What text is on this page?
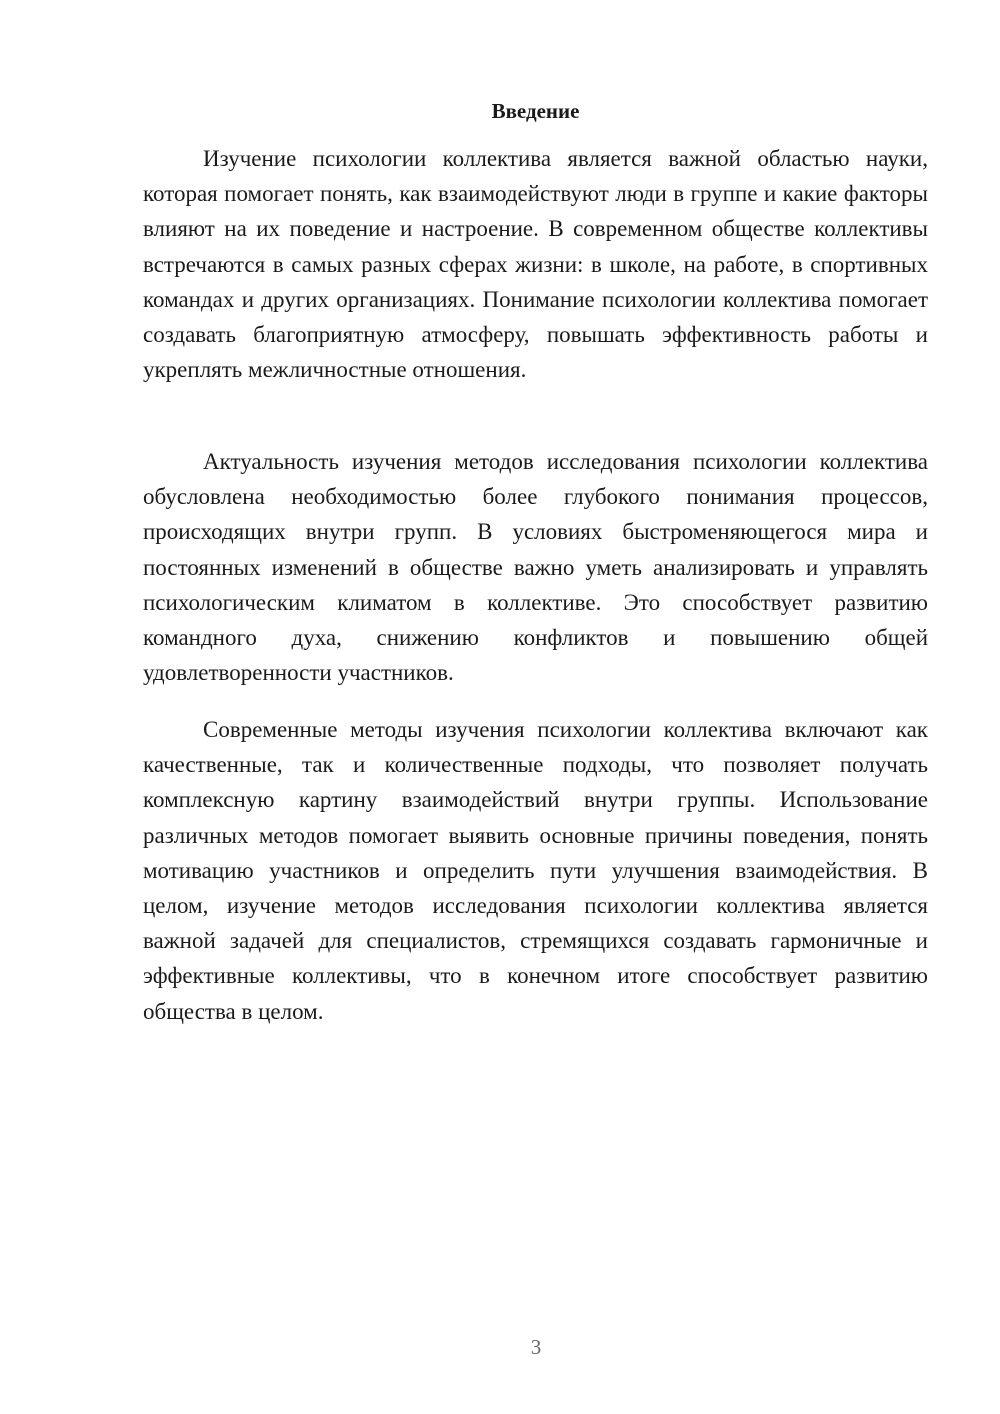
Введение

Изучение психологии коллектива является важной областью науки, которая помогает понять, как взаимодействуют люди в группе и какие факторы влияют на их поведение и настроение. В современном обществе коллективы встречаются в самых разных сферах жизни: в школе, на работе, в спортивных командах и других организациях. Понимание психологии коллектива помогает создавать благоприятную атмосферу, повышать эффективность работы и укреплять межличностные отношения.

Актуальность изучения методов исследования психологии коллектива обусловлена необходимостью более глубокого понимания процессов, происходящих внутри групп. В условиях быстроменяющегося мира и постоянных изменений в обществе важно уметь анализировать и управлять психологическим климатом в коллективе. Это способствует развитию командного духа, снижению конфликтов и повышению общей удовлетворенности участников.

Современные методы изучения психологии коллектива включают как качественные, так и количественные подходы, что позволяет получать комплексную картину взаимодействий внутри группы. Использование различных методов помогает выявить основные причины поведения, понять мотивацию участников и определить пути улучшения взаимодействия. В целом, изучение методов исследования психологии коллектива является важной задачей для специалистов, стремящихся создавать гармоничные и эффективные коллективы, что в конечном итоге способствует развитию общества в целом.

3
